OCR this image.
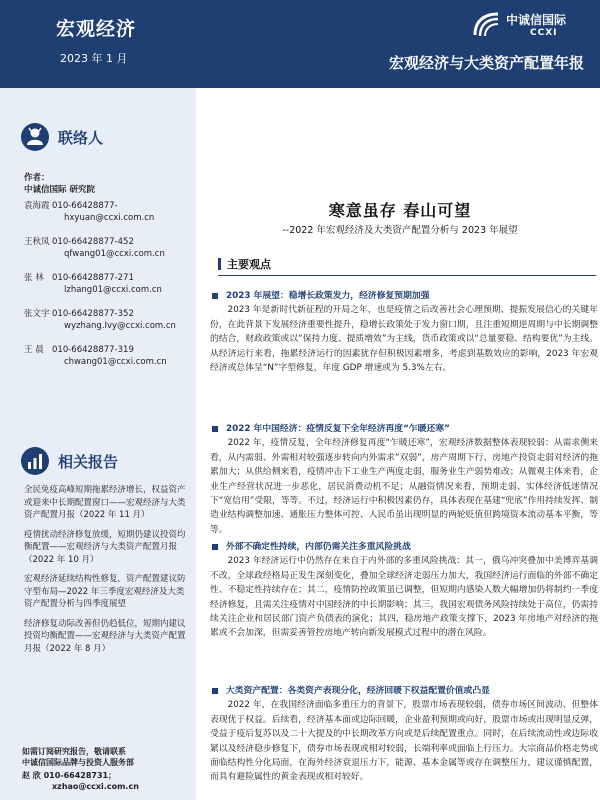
宏观经济
2023 年 1 月
中诚信国际
CCXI
宏观经济与大类资产配置年报
联络人
作者：
中诚信国际 研究院
袁海霞 010-66428877-
hxyuan@ccxi.com.cn
王秋凤 010-66428877-452
qfwang01@ccxi.com.cn
张 林 010-66428877-271
lzhang01@ccxi.com.cn
张文宇 010-66428877-352
wyzhang.Ivy@ccxi.com.cn
王 晨 010-66428877-319
chwang01@ccxi.com.cn
相关报告
全民免疫高峰短期拖累经济增长，权益资产或迎来中长期配置窗口——宏观经济与大类资产配置月报（2022 年 11 月）
疫情扰动经济修复放缓，短期仍建议投资均衡配置——宏观经济与大类资产配置月报（2022 年 10 月）
宏观经济延续结构性修复，资产配置建议防守型布局—2022 年三季度宏观经济及大类资产配置分析与四季度展望
经济修复动际改善但仍趋低位，短期内建议投资均衡配置——宏观经济与大类资产配置月报（2022 年 8 月）
如需订阅研究报告，敬请联系
中诚信国际品牌与投资人服务部
赵 欣 010-66428731；
xzhao@ccxi.com.cn
寒意虽存 春山可望
--2022 年宏观经济及大类资产配置分析与 2023 年展望
主要观点
2023 年展望：稳增长政策发力，经济修复预期加强

2023 年是新时代新征程的开局之年，也是疫情之后改善社会心理预期、提振发展信心的关键年份，在此背景下发展经济重要性提升，稳增长政策处于发力窗口期，且注重短期逆周期与中长期调整的结合，财政政策或以“保持力度、提质增效”为主线，货币政策或以“总量要稳、结构要优”为主线。从经济运行来看，拖累经济运行的因素犹存但积极因素增多，考虑到基数效应的影响，2023 年宏观经济或总体呈“N”字型修复，年度 GDP 增速或为 5.3%左右。

2022 年中国经济：疫情反复下全年经济再度“乍暖还寒”

2022 年，疫情反复，全年经济修复再度“乍暖还寒”，宏观经济数据整体表现较弱：从需求侧来看，从内需弱、外需相对较强逐步转向内外需求“双弱”，房产周期下行、房地产投资走弱对经济的拖累加大；从供给侧来看，疫情冲击下工业生产两度走弱，服务业生产弱势难改；从微观主体来看，企业生产经营状况进一步恶化，居民消费动机不足；从融资情况来看，预期走弱、实体经济低迷情况下“宽信用”受限，等等。不过，经济运行中积极因素仍存，具体表现在基建“兜底”作用持续发挥、制造业结构调整加速、通胀压力整体可控、人民币虽出现明显的两轮贬值但跨境资本流动基本平衡，等等。

外部不确定性持续，内部仍需关注多重风险挑战

2023 年经济运行中仍然存在来自于内外部的多重风险挑战：其一，俄乌冲突叠加中美博弈基调不改，全球政经格局正发生深刻变化，叠加全球经济走弱压力加大，我国经济运行面临的外部不确定性、不稳定性持续存在；其二，疫情防控政策虽已调整，但短期内感染人数大幅增加仍将制约一季度经济修复，且需关注疫情对中国经济的中长期影响；其三，我国宏观债务风险持续处于高位，仍需持续关注企业和居民部门资产负债表的演化；其四，稳房地产政策支撑下，2023 年房地产对经济的拖累或不会加深，但需妥善管控房地产转向新发展模式过程中的潜在风险。

大类资产配置：各类资产表现分化，经济回暖下权益配置价值或凸显

2022 年，在我国经济面临多重压力的背景下，股票市场表现较弱，债券市场区间波动、但整体表现优于权益。后续看，经济基本面或边际回暖，企业盈利预期或向好，股票市场或出现明显反弹，受益于疫后复苏以及二十大提及的中长期改革方向或是后续配置重点。同时，在后续流动性或边际收紧以及经济稳步修复下，债券市场表现或相对较弱，长端利率或面临上行压力。大宗商品价格走势或面临结构性分化局面，在海外经济衰退压力下，能源、基本金属等或存在调整压力，建议谨慎配置，而具有避险属性的黄金表现或相对较好。
